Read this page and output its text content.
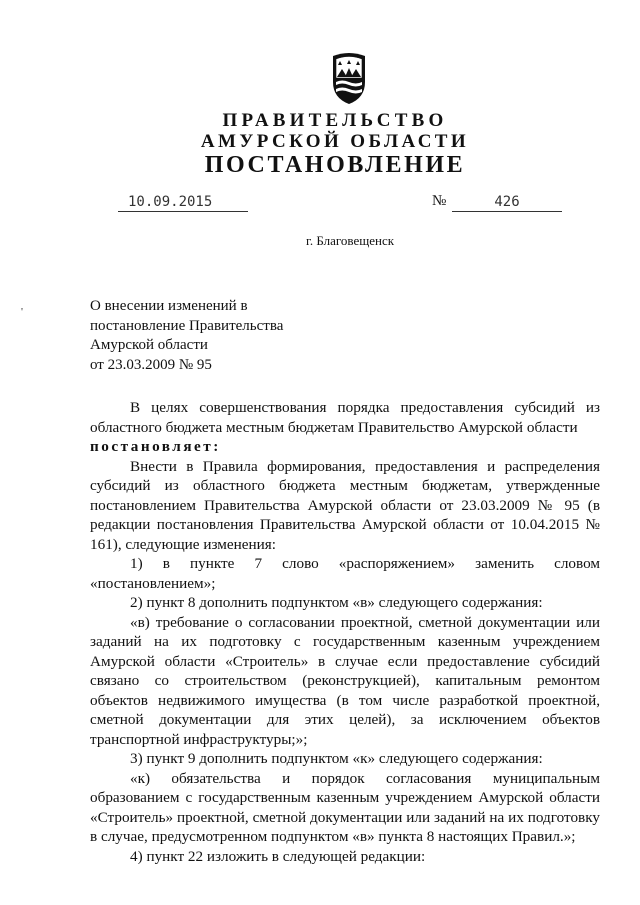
ПРАВИТЕЛЬСТВО
АМУРСКОЙ ОБЛАСТИ
ПОСТАНОВЛЕНИЕ
10.09.2015	№	426
г. Благовещенск
'	О внесении изменений в
постановление Правительства
Амурской области
от 23.03.2009 № 95

В целях совершенствования порядка предоставления субсидий из областного бюджета местным бюджетам Правительство Амурской области

постановляет:

Внести в Правила формирования, предоставления и распределения субсидий из областного бюджета местным бюджетам, утвержденные постановлением Правительства Амурской области от 23.03.2009 № 95 (в редакции постановления Правительства Амурской области от 10.04.2015 № 161), следующие изменения:

1) в пункте 7 слово «распоряжением» заменить словом «постановлением»;

2) пункт 8 дополнить подпунктом «в» следующего содержания:

«в) требование о согласовании проектной, сметной документации или заданий на их подготовку с государственным казенным учреждением Амурской области «Строитель» в случае если предоставление субсидий связано со строительством (реконструкцией), капитальным ремонтом объектов недвижимого имущества (в том числе разработкой проектной, сметной документации для этих целей), за исключением объектов транспортной инфраструктуры;»;

3) пункт 9 дополнить подпунктом «к» следующего содержания:

«к) обязательства и порядок согласования муниципальным образованием с государственным казенным учреждением Амурской области «Строитель» проектной, сметной документации или заданий на их подготовку в случае, предусмотренном подпунктом «в» пункта 8 настоящих Правил.»;

4) пункт 22 изложить в следующей редакции:
